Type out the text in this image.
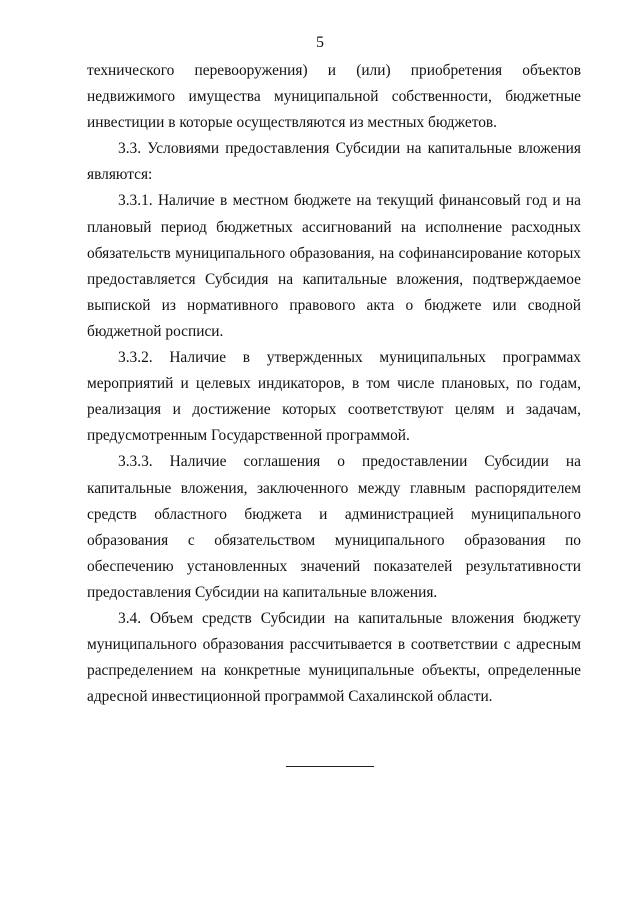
5

технического перевооружения) и (или) приобретения объектов недвижимого имущества муниципальной собственности, бюджетные инвестиции в которые осуществляются из местных бюджетов.

3.3. Условиями предоставления Субсидии на капитальные вложения являются:

3.3.1. Наличие в местном бюджете на текущий финансовый год и на плановый период бюджетных ассигнований на исполнение расходных обязательств муниципального образования, на софинансирование которых предоставляется Субсидия на капитальные вложения, подтверждаемое выпиской из нормативного правового акта о бюджете или сводной бюджетной росписи.

3.3.2. Наличие в утвержденных муниципальных программах мероприятий и целевых индикаторов, в том числе плановых, по годам, реализация и достижение которых соответствуют целям и задачам, предусмотренным Государственной программой.

3.3.3. Наличие соглашения о предоставлении Субсидии на капитальные вложения, заключенного между главным распорядителем средств областного бюджета и администрацией муниципального образования с обязательством муниципального образования по обеспечению установленных значений показателей результативности предоставления Субсидии на капитальные вложения.

3.4. Объем средств Субсидии на капитальные вложения бюджету муниципального образования рассчитывается в соответствии с адресным распределением на конкретные муниципальные объекты, определенные адресной инвестиционной программой Сахалинской области.
